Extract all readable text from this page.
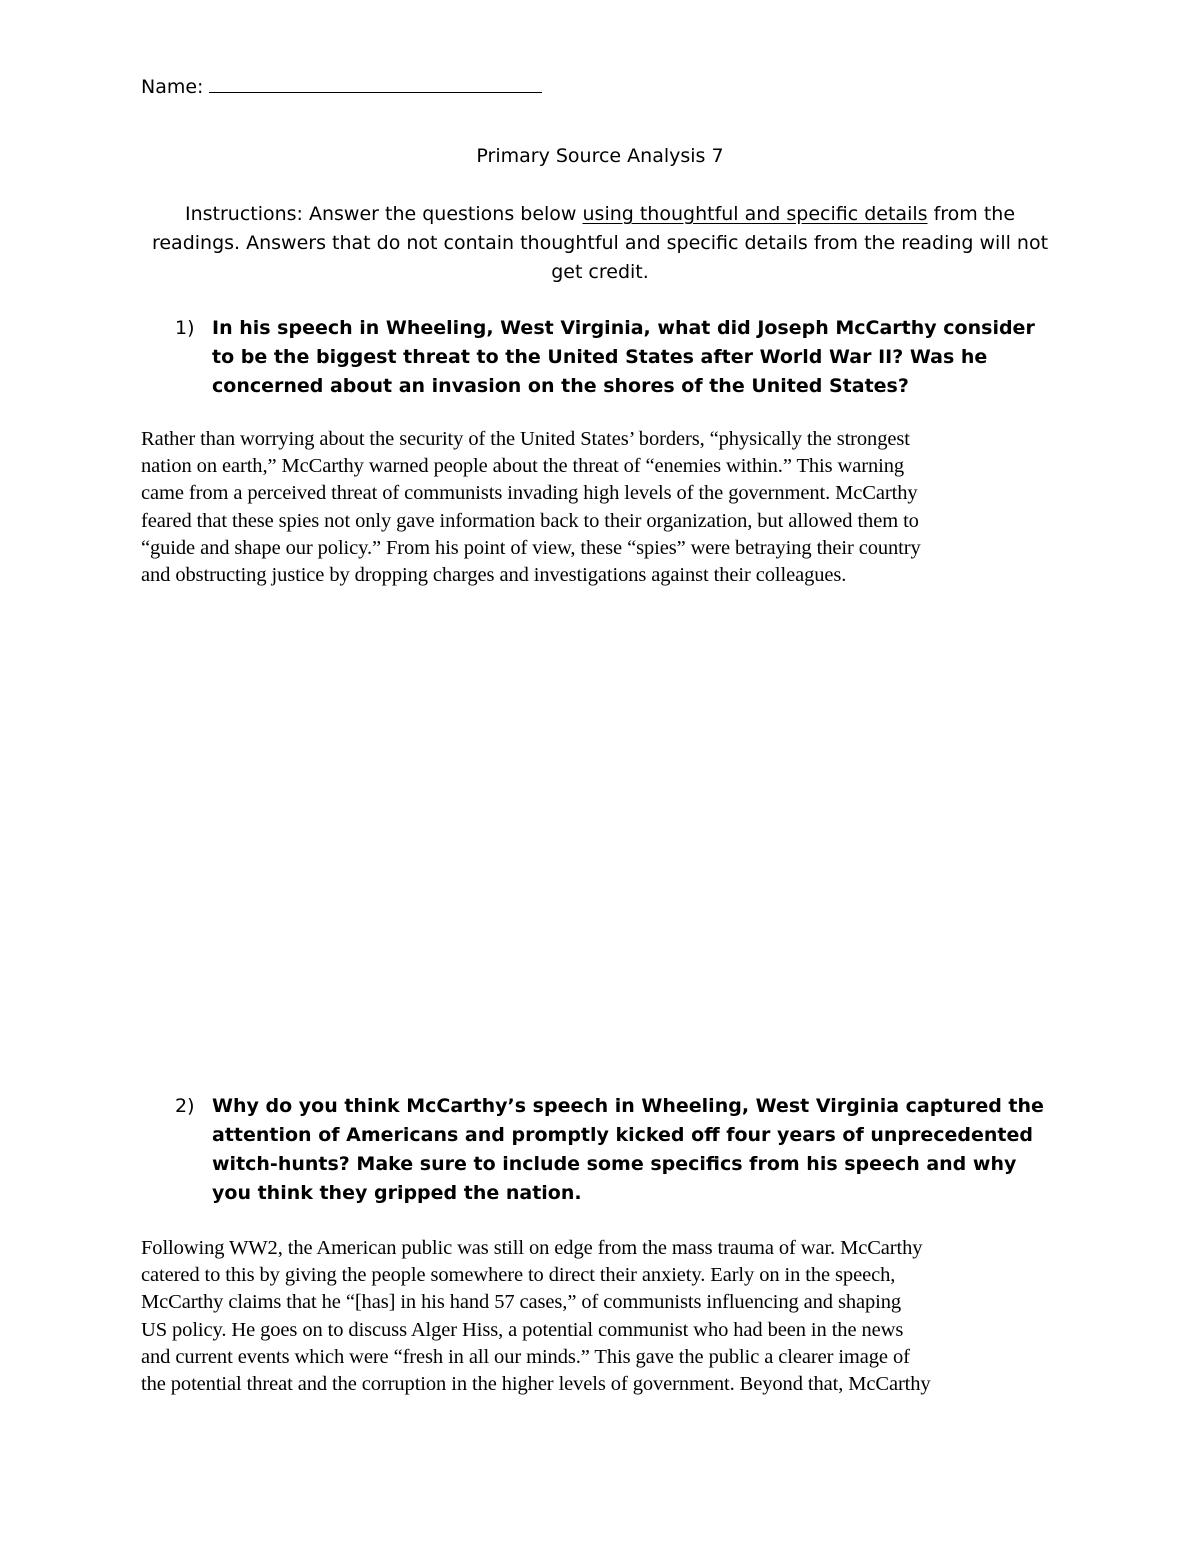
Name:
Primary Source Analysis 7
Instructions: Answer the questions below using thoughtful and specific details from the readings. Answers that do not contain thoughtful and specific details from the reading will not get credit.
1) In his speech in Wheeling, West Virginia, what did Joseph McCarthy consider to be the biggest threat to the United States after World War II? Was he concerned about an invasion on the shores of the United States?
Rather than worrying about the security of the United States’ borders, “physically the strongest
nation on earth,” McCarthy warned people about the threat of “enemies within.” This warning
came from a perceived threat of communists invading high levels of the government. McCarthy
feared that these spies not only gave information back to their organization, but allowed them to
“guide and shape our policy.” From his point of view, these “spies” were betraying their country
and obstructing justice by dropping charges and investigations against their colleagues.
2) Why do you think McCarthy’s speech in Wheeling, West Virginia captured the attention of Americans and promptly kicked off four years of unprecedented witch-hunts? Make sure to include some specifics from his speech and why you think they gripped the nation.
Following WW2, the American public was still on edge from the mass trauma of war. McCarthy
catered to this by giving the people somewhere to direct their anxiety. Early on in the speech,
McCarthy claims that he “[has] in his hand 57 cases,” of communists influencing and shaping
US policy. He goes on to discuss Alger Hiss, a potential communist who had been in the news
and current events which were “fresh in all our minds.” This gave the public a clearer image of
the potential threat and the corruption in the higher levels of government. Beyond that, McCarthy
